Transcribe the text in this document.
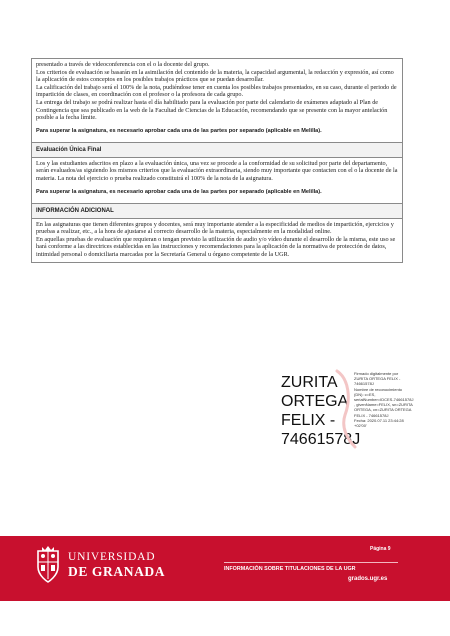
presentado a través de videoconferencia con el o la docente del grupo.

Los criterios de evaluación se basarán en la asimilación del contenido de la materia, la capacidad argumental, la redacción y expresión, así como la aplicación de estos conceptos en los posibles trabajos prácticos que se puedan desarrollar.

La calificación del trabajo será el 100% de la nota, pudiéndose tener en cuenta los posibles trabajos presentados, en su caso, durante el periodo de impartición de clases, en coordinación con el profesor o la profesora de cada grupo.

La entrega del trabajo se podrá realizar hasta el día habilitado para la evaluación por parte del calendario de exámenes adaptado al Plan de Contingencia que sea publicado en la web de la Facultad de Ciencias de la Educación, recomendando que se presente con la mayor antelación posible a la fecha límite.

Para superar la asignatura, es necesario aprobar cada una de las partes por separado (aplicable en Melilla).

Evaluación Única Final

Los y las estudiantes adscritos en plazo a la evaluación única, una vez se procede a la conformidad de su solicitud por parte del departamento, serán evaluados/as siguiendo los mismos criterios que la evaluación extraordinaria, siendo muy importante que contacten con el o la docente de la materia. La nota del ejercicio o prueba realizado constituirá el 100% de la nota de la asignatura.

Para superar la asignatura, es necesario aprobar cada una de las partes por separado (aplicable en Melilla).

INFORMACIÓN ADICIONAL

En las asignaturas que tienen diferentes grupos y docentes, será muy importante atender a la especificidad de medios de impartición, ejercicios y pruebas a realizar, etc., a la hora de ajustarse al correcto desarrollo de la materia, especialmente en la modalidad online.

En aquellas pruebas de evaluación que requieran o tengan previsto la utilización de audio y/o vídeo durante el desarrollo de la misma, este uso se hará conforme a las directrices establecidas en las instrucciones y recomendaciones para la aplicación de la normativa de protección de datos, intimidad personal o domiciliaria marcadas por la Secretaría General u órgano competente de la UGR.

ZURITA
ORTEGA
FELIX -
74661578J
Firmado digitalmente por
ZURITA ORTEGA FELIX -
74661578J
Nombre de reconocimiento
(DN): c=ES,
serialNumber=IDCES-74661578J
, givenName=FELIX, sn=ZURITA
ORTEGA, cn=ZURITA ORTEGA
FELIX - 74661578J
Fecha: 2020.07.11 23:44:28
+02'00'
UNIVERSIDAD
DE GRANADA
Página 9
INFORMACIÓN SOBRE TITULACIONES DE LA UGR
grados.ugr.es
